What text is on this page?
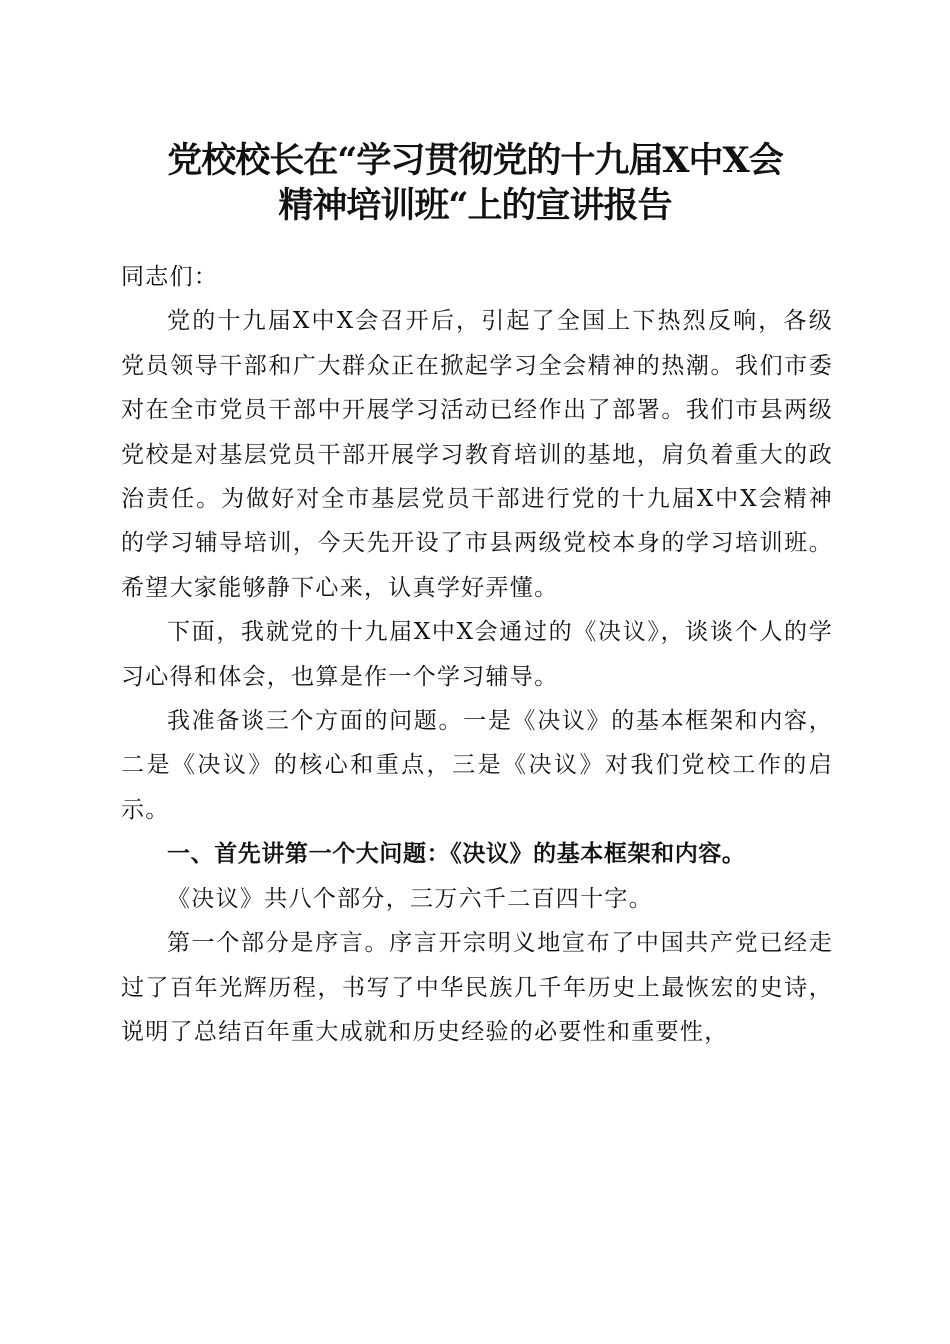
党校校长在“学习贯彻党的十九届X中X会
精神培训班“上的宣讲报告

同志们：

党的十九届X中X会召开后，引起了全国上下热烈反响，各级党员领导干部和广大群众正在掀起学习全会精神的热潮。我们市委对在全市党员干部中开展学习活动已经作出了部署。我们市县两级党校是对基层党员干部开展学习教育培训的基地，肩负着重大的政治责任。为做好对全市基层党员干部进行党的十九届X中X会精神的学习辅导培训，今天先开设了市县两级党校本身的学习培训班。希望大家能够静下心来，认真学好弄懂。

下面，我就党的十九届X中X会通过的《决议》，谈谈个人的学习心得和体会，也算是作一个学习辅导。

我准备谈三个方面的问题。一是《决议》的基本框架和内容，二是《决议》的核心和重点，三是《决议》对我们党校工作的启示。

一、首先讲第一个大问题：《决议》的基本框架和内容。

《决议》共八个部分，三万六千二百四十字。

第一个部分是序言。序言开宗明义地宣布了中国共产党已经走过了百年光辉历程，书写了中华民族几千年历史上最恢宏的史诗，说明了总结百年重大成就和历史经验的必要性和重要性，
